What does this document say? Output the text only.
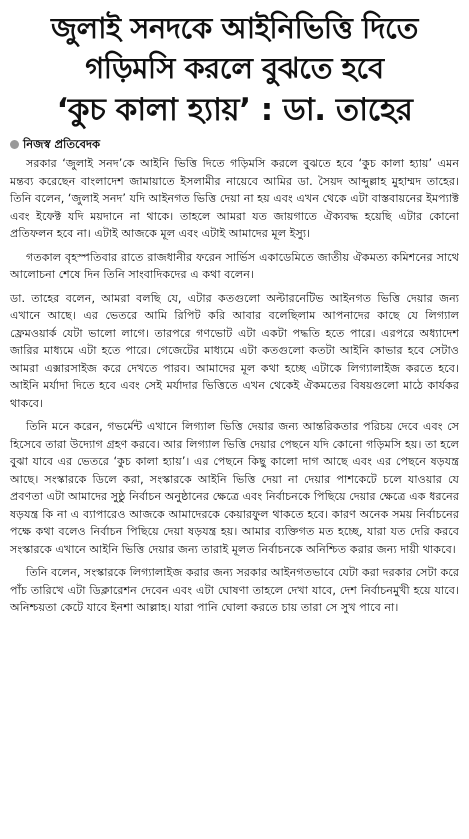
জুলাই সনদকে আইনিভিত্তি দিতে
গড়িমসি করলে বুঝতে হবে
‘কুচ কালা হ্যায়’ : ডা. তাহের
নিজস্ব প্রতিবেদক

সরকার ‘জুলাই সনদ’কে আইনি ভিত্তি দিতে গড়িমসি করলে বুঝতে হবে ‘কুচ কালা হ্যায়’ এমন মন্তব্য করেছেন বাংলাদেশ জামায়াতে ইসলামীর নায়েবে আমির ডা. সৈয়দ আব্দুল্লাহ মুহাম্মদ তাহের। তিনি বলেন, ‘জুলাই সনদ’ যদি আইনগত ভিত্তি দেয়া না হয় এবং এখন থেকে এটা বাস্তবায়নের ইমপ্যাক্ট এবং ইফেক্ট যদি ময়দানে না থাকে। তাহলে আমরা যত জায়গাতে ঐক্যবদ্ধ হয়েছি এটার কোনো প্রতিফলন হবে না। এটাই আজকে মূল এবং এটাই আমাদের মূল ইস্যু।

গতকাল বৃহস্পতিবার রাতে রাজধানীর ফরেন সার্ভিস একাডেমিতে জাতীয় ঐকমত্য কমিশনের সাথে আলোচনা শেষে দিন তিনি সাংবাদিকদের এ কথা বলেন।

ডা. তাহের বলেন, আমরা বলছি যে, এটার কতগুলো অল্টারনেটিভ আইনগত ভিত্তি দেয়ার জন্য এখানে আছে। এর ভেতরে আমি রিপিট করি আবার বলেছিলাম আপনাদের কাছে যে লিগ্যাল ফ্রেমওয়ার্ক যেটা ভালো লাগে। তারপরে গণভোট এটা একটা পদ্ধতি হতে পারে। এরপরে অধ্যাদেশ জারির মাধ্যমে এটা হতে পারে। গেজেটের মাধ্যমে এটা কতগুলো কতটা আইনি কাভার হবে সেটাও আমরা এক্সারসাইজ করে দেখতে পারব। আমাদের মূল কথা হচ্ছে এটাকে লিগ্যালাইজ করতে হবে। আইনি মর্যাদা দিতে হবে এবং সেই মর্যাদার ভিত্তিতে এখন থেকেই ঐকমতের বিষয়গুলো মাঠে কার্যকর থাকবে।

তিনি মনে করেন, গভর্মেন্ট এখানে লিগ্যাল ভিত্তি দেয়ার জন্য আন্তরিকতার পরিচয় দেবে এবং সে হিসেবে তারা উদ্যোগ গ্রহণ করবে। আর লিগ্যাল ভিত্তি দেয়ার পেছনে যদি কোনো গড়িমসি হয়। তা হলে বুঝা যাবে এর ভেতরে ‘কুচ কালা হ্যায়’। এর পেছনে কিছু কালো দাগ আছে এবং এর পেছনে ষড়যন্ত্র আছে। সংস্কারকে ডিলে করা, সংস্কারকে আইনি ভিত্তি দেয়া না দেয়ার পাশকেটে চলে যাওয়ার যে প্রবণতা এটা আমাদের সুষ্ঠু নির্বাচন অনুষ্ঠানের ক্ষেত্রে এবং নির্বাচনকে পিছিয়ে দেয়ার ক্ষেত্রে এক ধরনের ষড়যন্ত্র কি না এ ব্যাপারেও আজকে আমাদেরকে কেয়ারফুল থাকতে হবে। কারণ অনেক সময় নির্বাচনের পক্ষে কথা বলেও নির্বাচন পিছিয়ে দেয়া ষড়যন্ত্র হয়। আমার ব্যক্তিগত মত হচ্ছে, যারা যত দেরি করবে সংস্কারকে এখানে আইনি ভিত্তি দেয়ার জন্য তারাই মূলত নির্বাচনকে অনিশ্চিত করার জন্য দায়ী থাকবে।

তিনি বলেন, সংস্কারকে লিগ্যালাইজ করার জন্য সরকার আইনগতভাবে যেটা করা দরকার সেটা করে পাঁচ তারিখে এটা ডিক্লারেশন দেবেন এবং এটা ঘোষণা তাহলে দেখা যাবে, দেশ নির্বাচনমুখী হয়ে যাবে। অনিশ্চয়তা কেটে যাবে ইনশা আল্লাহ। যারা পানি ঘোলা করতে চায় তারা সে সুখ পাবে না।
